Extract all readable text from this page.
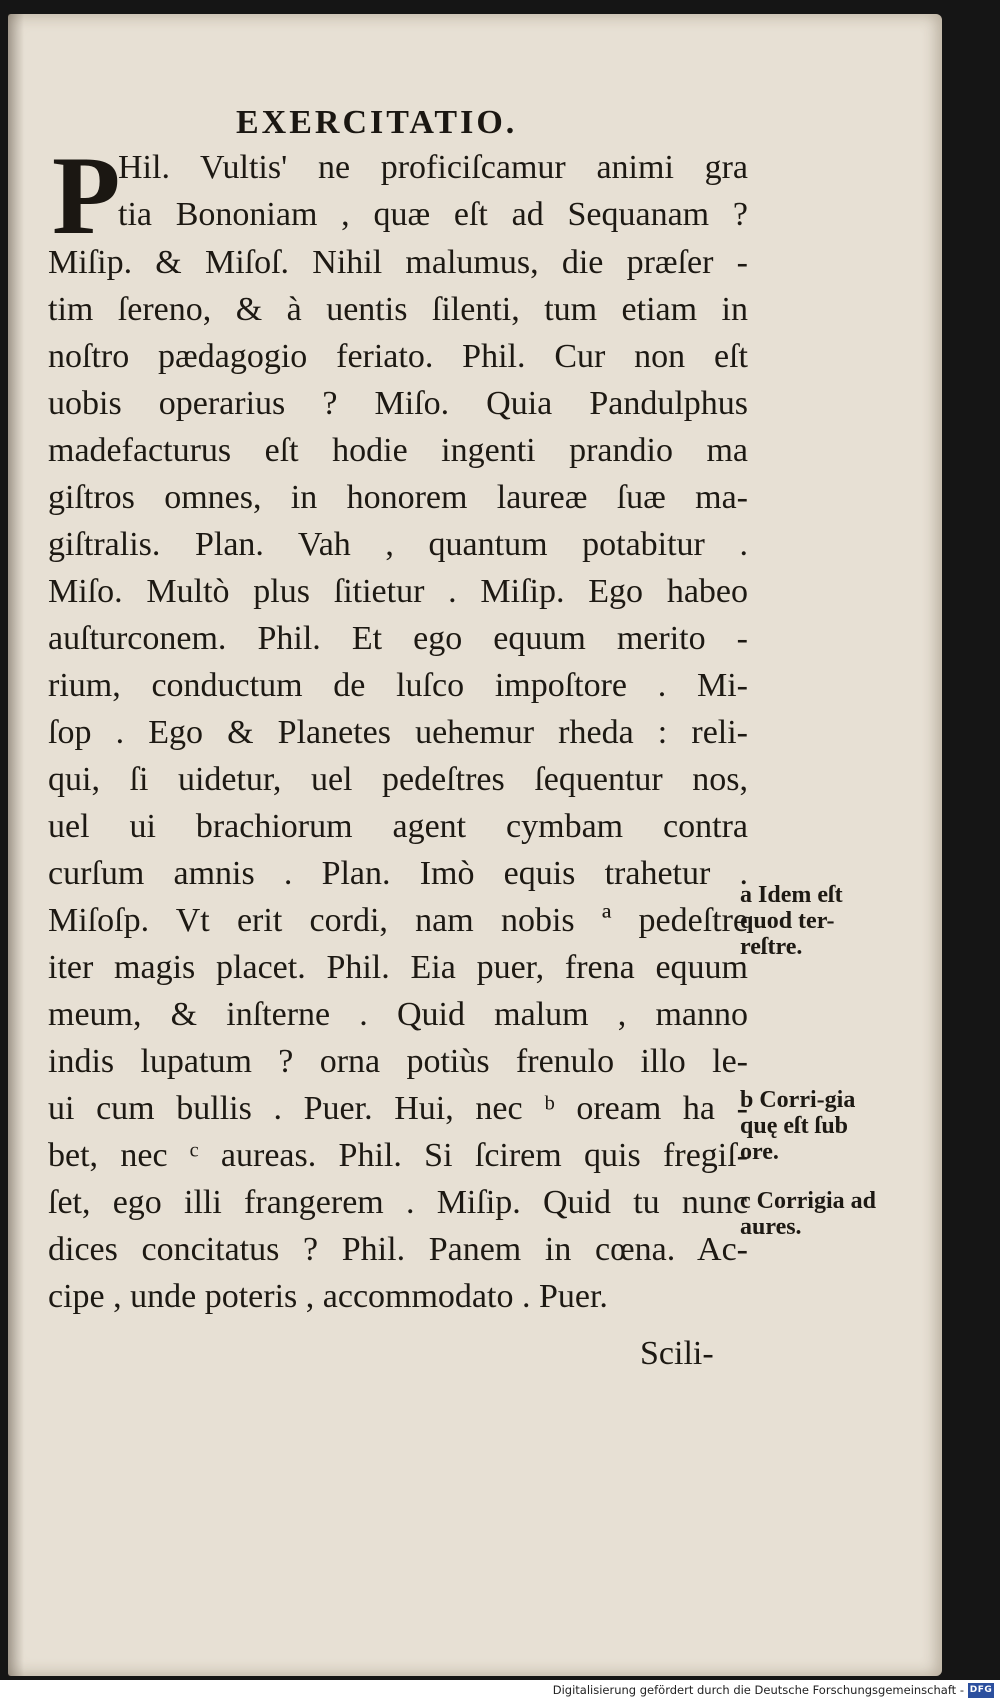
EXERCITATIO.
P
Hil. Vultis' ne proficiſcamur animi gra
tia Bononiam , quæ eſt ad Sequanam ?
Miſip. & Miſoſ. Nihil malumus, die præſer -
tim ſereno, & à uentis ſilenti, tum etiam in
noſtro pædagogio feriato. Phil. Cur non eſt
uobis operarius ? Miſo. Quia Pandulphus
madefacturus eſt hodie ingenti prandio ma
giſtros omnes, in honorem laureæ ſuæ ma-
giſtralis. Plan. Vah , quantum potabitur .
Miſo. Multò plus ſitietur . Miſip. Ego habeo
auſturconem. Phil. Et ego equum merito -
rium, conductum de luſco impoſtore . Mi-
ſop . Ego & Planetes uehemur rheda : reli-
qui, ſi uidetur, uel pedeſtres ſequentur nos,
uel ui brachiorum agent cymbam contra
curſum amnis . Plan. Imò equis trahetur .
Miſoſp. Vt erit cordi, nam nobis ª pedeſtre
iter magis placet. Phil. Eia puer, frena equum
meum, & inſterne . Quid malum , manno
indis lupatum ? orna potiùs frenulo illo le-
ui cum bullis . Puer. Hui, nec ᵇ oream ha -
bet, nec ᶜ aureas. Phil. Si ſcirem quis fregiſ-
ſet, ego illi frangerem . Miſip. Quid tu nunc
dices concitatus ? Phil. Panem in cœna. Ac-
cipe , unde poteris , accommodato . Puer.
Scili-
a Idem eſt quod ter-reſtre.
b Corri-gia quę eſt ſub ore.
c Corrigia ad aures.
Digitalisierung gefördert durch die Deutsche Forschungsgemeinschaft - DFG
